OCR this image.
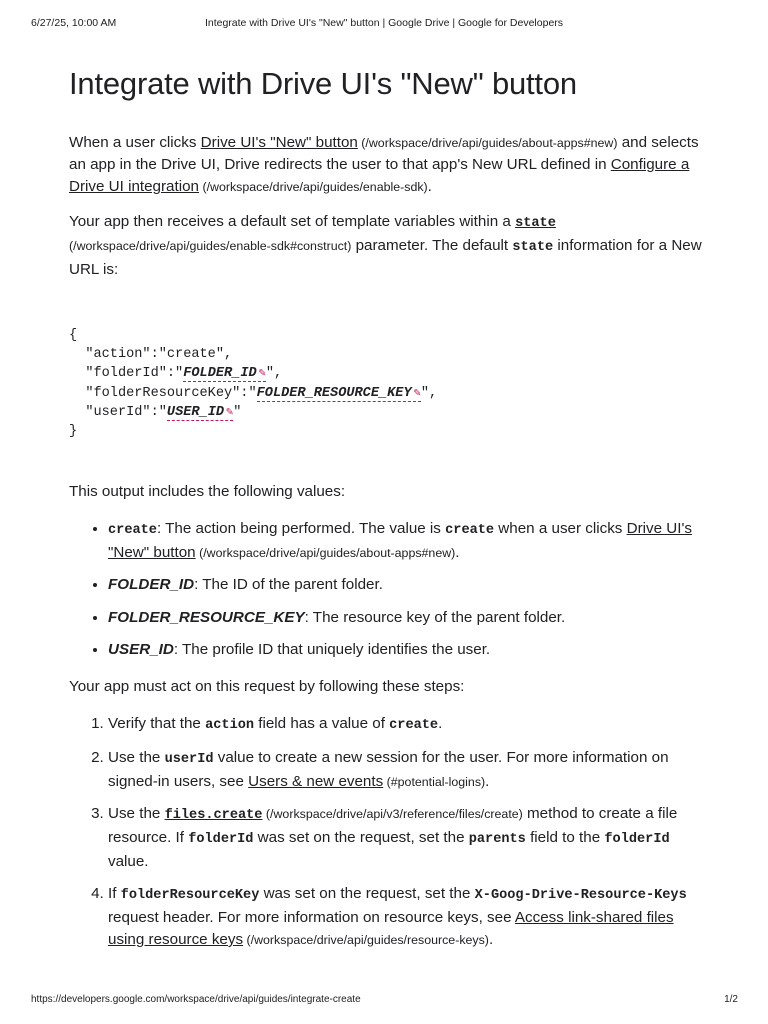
6/27/25, 10:00 AM	Integrate with Drive UI's "New" button | Google Drive | Google for Developers
Integrate with Drive UI's "New" button

When a user clicks Drive UI's "New" button (/workspace/drive/api/guides/about-apps#new) and selects an app in the Drive UI, Drive redirects the user to that app's New URL defined in Configure a Drive UI integration (/workspace/drive/api/guides/enable-sdk).

Your app then receives a default set of template variables within a state
(/workspace/drive/api/guides/enable-sdk#construct) parameter. The default state information for a New URL is:

{
"action":"create",
"folderId":"FOLDER_ID ✎",
"folderResourceKey":"FOLDER_RESOURCE_KEY ✎",
"userId":"USER_ID ✎"
}

This output includes the following values:

• create: The action being performed. The value is create when a user clicks Drive UI's "New" button (/workspace/drive/api/guides/about-apps#new).
• FOLDER_ID: The ID of the parent folder.
• FOLDER_RESOURCE_KEY: The resource key of the parent folder.
• USER_ID: The profile ID that uniquely identifies the user.

Your app must act on this request by following these steps:

1. Verify that the action field has a value of create.
2. Use the userId value to create a new session for the user. For more information on signed-in users, see Users & new events (#potential-logins).
3. Use the files.create (/workspace/drive/api/v3/reference/files/create) method to create a file resource. If folderId was set on the request, set the parents field to the folderId value.
4. If folderResourceKey was set on the request, set the X-Goog-Drive-Resource-Keys request header. For more information on resource keys, see Access link-shared files using resource keys (/workspace/drive/api/guides/resource-keys).
https://developers.google.com/workspace/drive/api/guides/integrate-create	1/2
